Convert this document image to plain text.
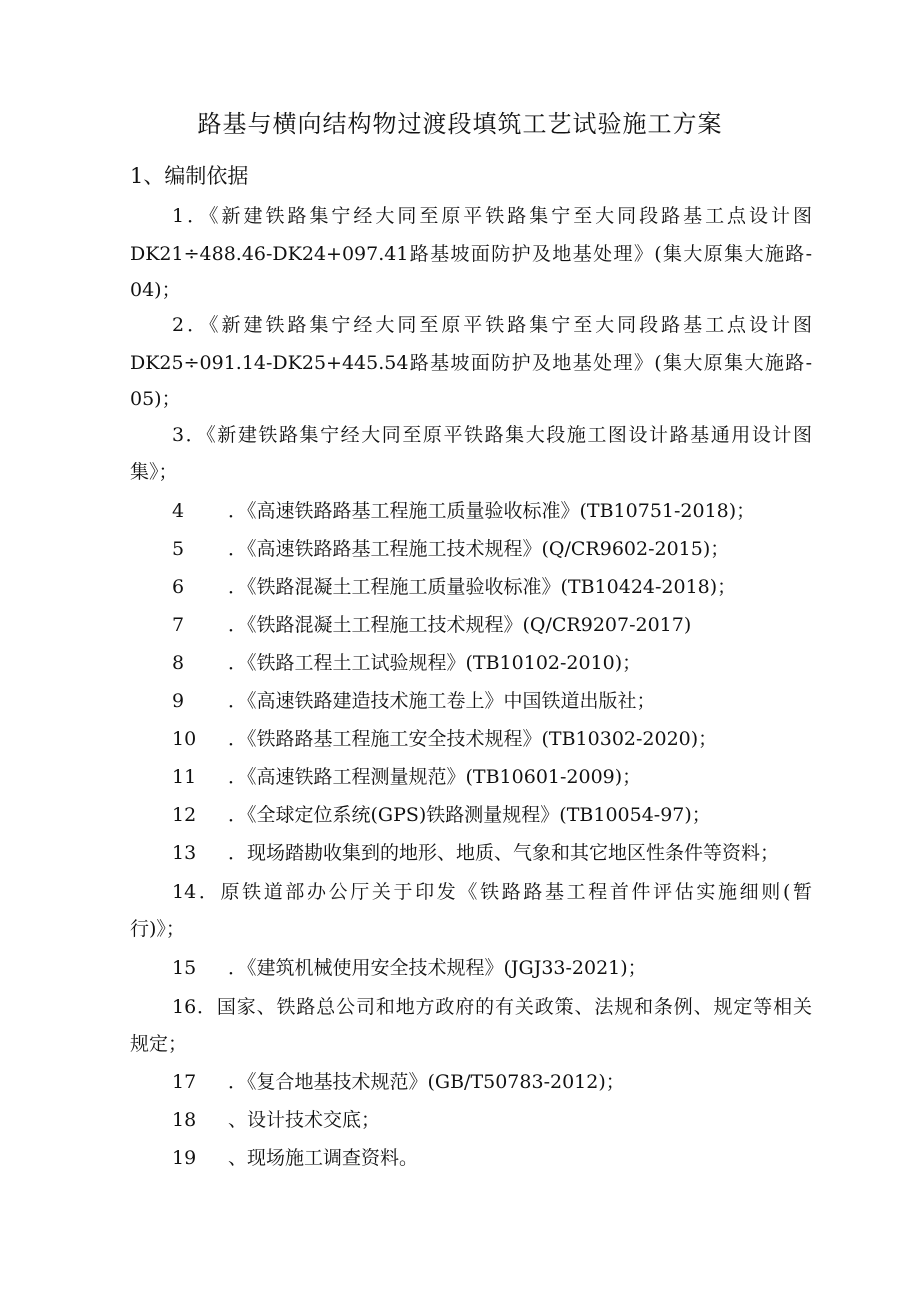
路基与横向结构物过渡段填筑工艺试验施工方案
1、编制依据
1．《新建铁路集宁经大同至原平铁路集宁至大同段路基工点设计图
DK21÷488.46-DK24+097.41路基坡面防护及地基处理》(集大原集大施路-
04)；
2．《新建铁路集宁经大同至原平铁路集宁至大同段路基工点设计图
DK25÷091.14-DK25+445.54路基坡面防护及地基处理》(集大原集大施路-
05)；
3．《新建铁路集宁经大同至原平铁路集大段施工图设计路基通用设计图
集》；
4 ．《高速铁路路基工程施工质量验收标准》(TB10751-2018)；
5 ．《高速铁路路基工程施工技术规程》(Q/CR9602-2015)；
6 ．《铁路混凝土工程施工质量验收标准》(TB10424-2018)；
7 ．《铁路混凝土工程施工技术规程》(Q/CR9207-2017)
8 ．《铁路工程土工试验规程》(TB10102-2010)；
9 ．《高速铁路建造技术施工卷上》中国铁道出版社；
10 ．《铁路路基工程施工安全技术规程》(TB10302-2020)；
11 ．《高速铁路工程测量规范》(TB10601-2009)；
12 ．《全球定位系统(GPS)铁路测量规程》(TB10054-97)；
13 ．现场踏勘收集到的地形、地质、气象和其它地区性条件等资料；
14．原铁道部办公厅关于印发《铁路路基工程首件评估实施细则(暂
行)》；
15 ．《建筑机械使用安全技术规程》(JGJ33-2021)；
16．国家、铁路总公司和地方政府的有关政策、法规和条例、规定等相关
规定；
17 ．《复合地基技术规范》(GB/T50783-2012)；
18 、设计技术交底；
19 、现场施工调查资料。
